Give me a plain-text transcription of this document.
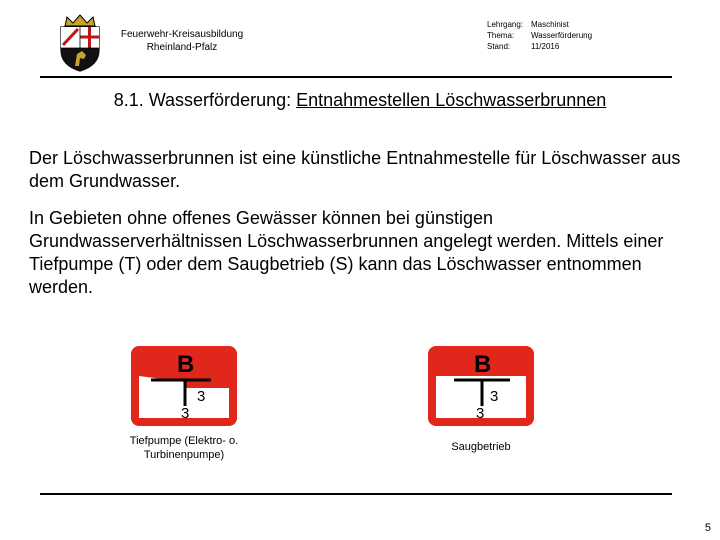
Feuerwehr-Kreisausbildung
Rheinland-Pfalz
Lehrgang: Maschinist
Thema:	Wasserförderung
Stand:	11/2016
8.1. Wasserförderung: Entnahmestellen Löschwasserbrunnen
Der Löschwasserbrunnen ist eine künstliche Entnahmestelle für Löschwasser aus dem Grundwasser.
In Gebieten ohne offenes Gewässer können bei günstigen Grundwasserverhältnissen Löschwasserbrunnen angelegt werden. Mittels einer Tiefpumpe (T) oder dem Saugbetrieb (S) kann das Löschwasser entnommen werden.
B
3
3
Tiefpumpe (Elektro- o.
Turbinenpumpe)
B
3
3
Saugbetrieb
5
